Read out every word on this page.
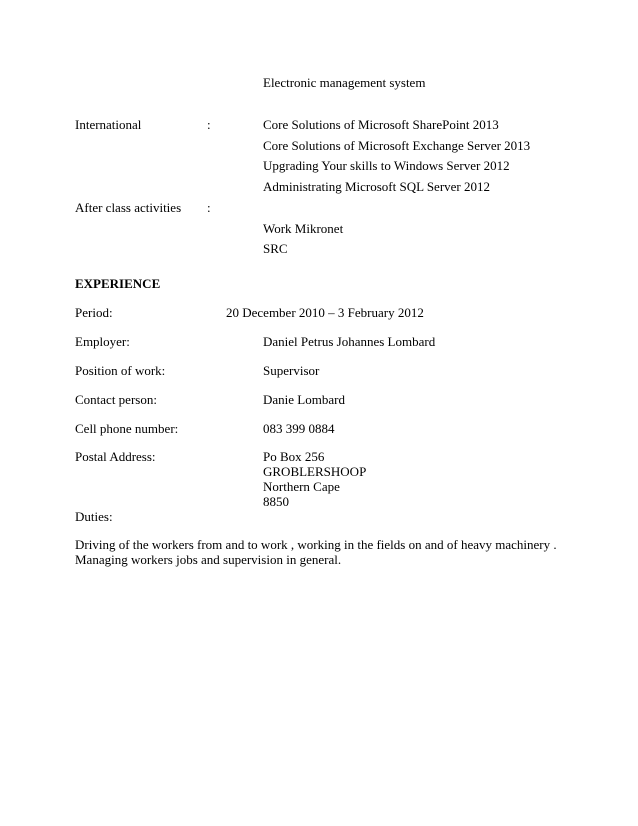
Electronic management system
International	:	Core Solutions of Microsoft SharePoint 2013
Core Solutions of Microsoft Exchange Server 2013
Upgrading Your skills to Windows Server 2012
Administrating Microsoft SQL Server 2012
After class activities :
Work Mikronet
SRC
EXPERIENCE
Period:	20 December 2010 – 3 February 2012
Employer:	Daniel Petrus Johannes Lombard
Position of work:	Supervisor
Contact person:	Danie Lombard
Cell phone number:	083 399 0884
Postal Address:	Po Box 256
GROBLERSHOOP
Northern Cape
8850
Duties:
Driving of the workers from and to work , working in the fields on and of heavy machinery .
Managing workers jobs and supervision in general.
